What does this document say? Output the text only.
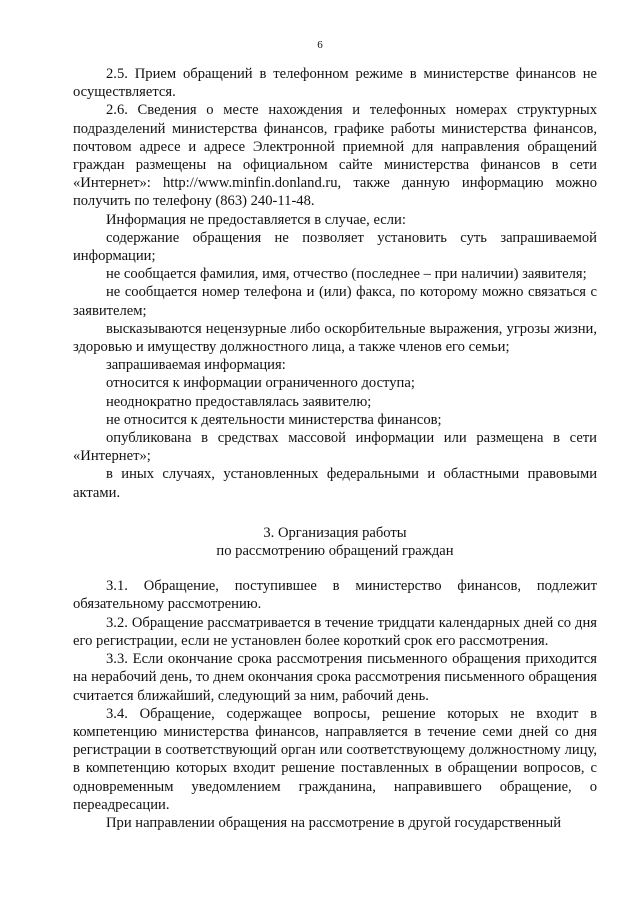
6

2.5. Прием обращений в телефонном режиме в министерстве финансов не осуществляется.

2.6. Сведения о месте нахождения и телефонных номерах структурных подразделений министерства финансов, графике работы министерства финансов, почтовом адресе и адресе Электронной приемной для направления обращений граждан размещены на официальном сайте министерства финансов в сети «Интернет»: http://www.minfin.donland.ru, также данную информацию можно получить по телефону (863) 240-11-48.

Информация не предоставляется в случае, если:

содержание обращения не позволяет установить суть запрашиваемой информации;

не сообщается фамилия, имя, отчество (последнее – при наличии) заявителя;

не сообщается номер телефона и (или) факса, по которому можно связаться с заявителем;

высказываются нецензурные либо оскорбительные выражения, угрозы жизни, здоровью и имуществу должностного лица, а также членов его семьи;

запрашиваемая информация:

относится к информации ограниченного доступа;

неоднократно предоставлялась заявителю;

не относится к деятельности министерства финансов;

опубликована в средствах массовой информации или размещена в сети «Интернет»;

в иных случаях, установленных федеральными и областными правовыми актами.

3. Организация работы

по рассмотрению обращений граждан

3.1. Обращение, поступившее в министерство финансов, подлежит обязательному рассмотрению.

3.2. Обращение рассматривается в течение тридцати календарных дней со дня его регистрации, если не установлен более короткий срок его рассмотрения.

3.3. Если окончание срока рассмотрения письменного обращения приходится на нерабочий день, то днем окончания срока рассмотрения письменного обращения считается ближайший, следующий за ним, рабочий день.

3.4. Обращение, содержащее вопросы, решение которых не входит в компетенцию министерства финансов, направляется в течение семи дней со дня регистрации в соответствующий орган или соответствующему должностному лицу, в компетенцию которых входит решение поставленных в обращении вопросов, с одновременным уведомлением гражданина, направившего обращение, о переадресации.

При направлении обращения на рассмотрение в другой государственный
